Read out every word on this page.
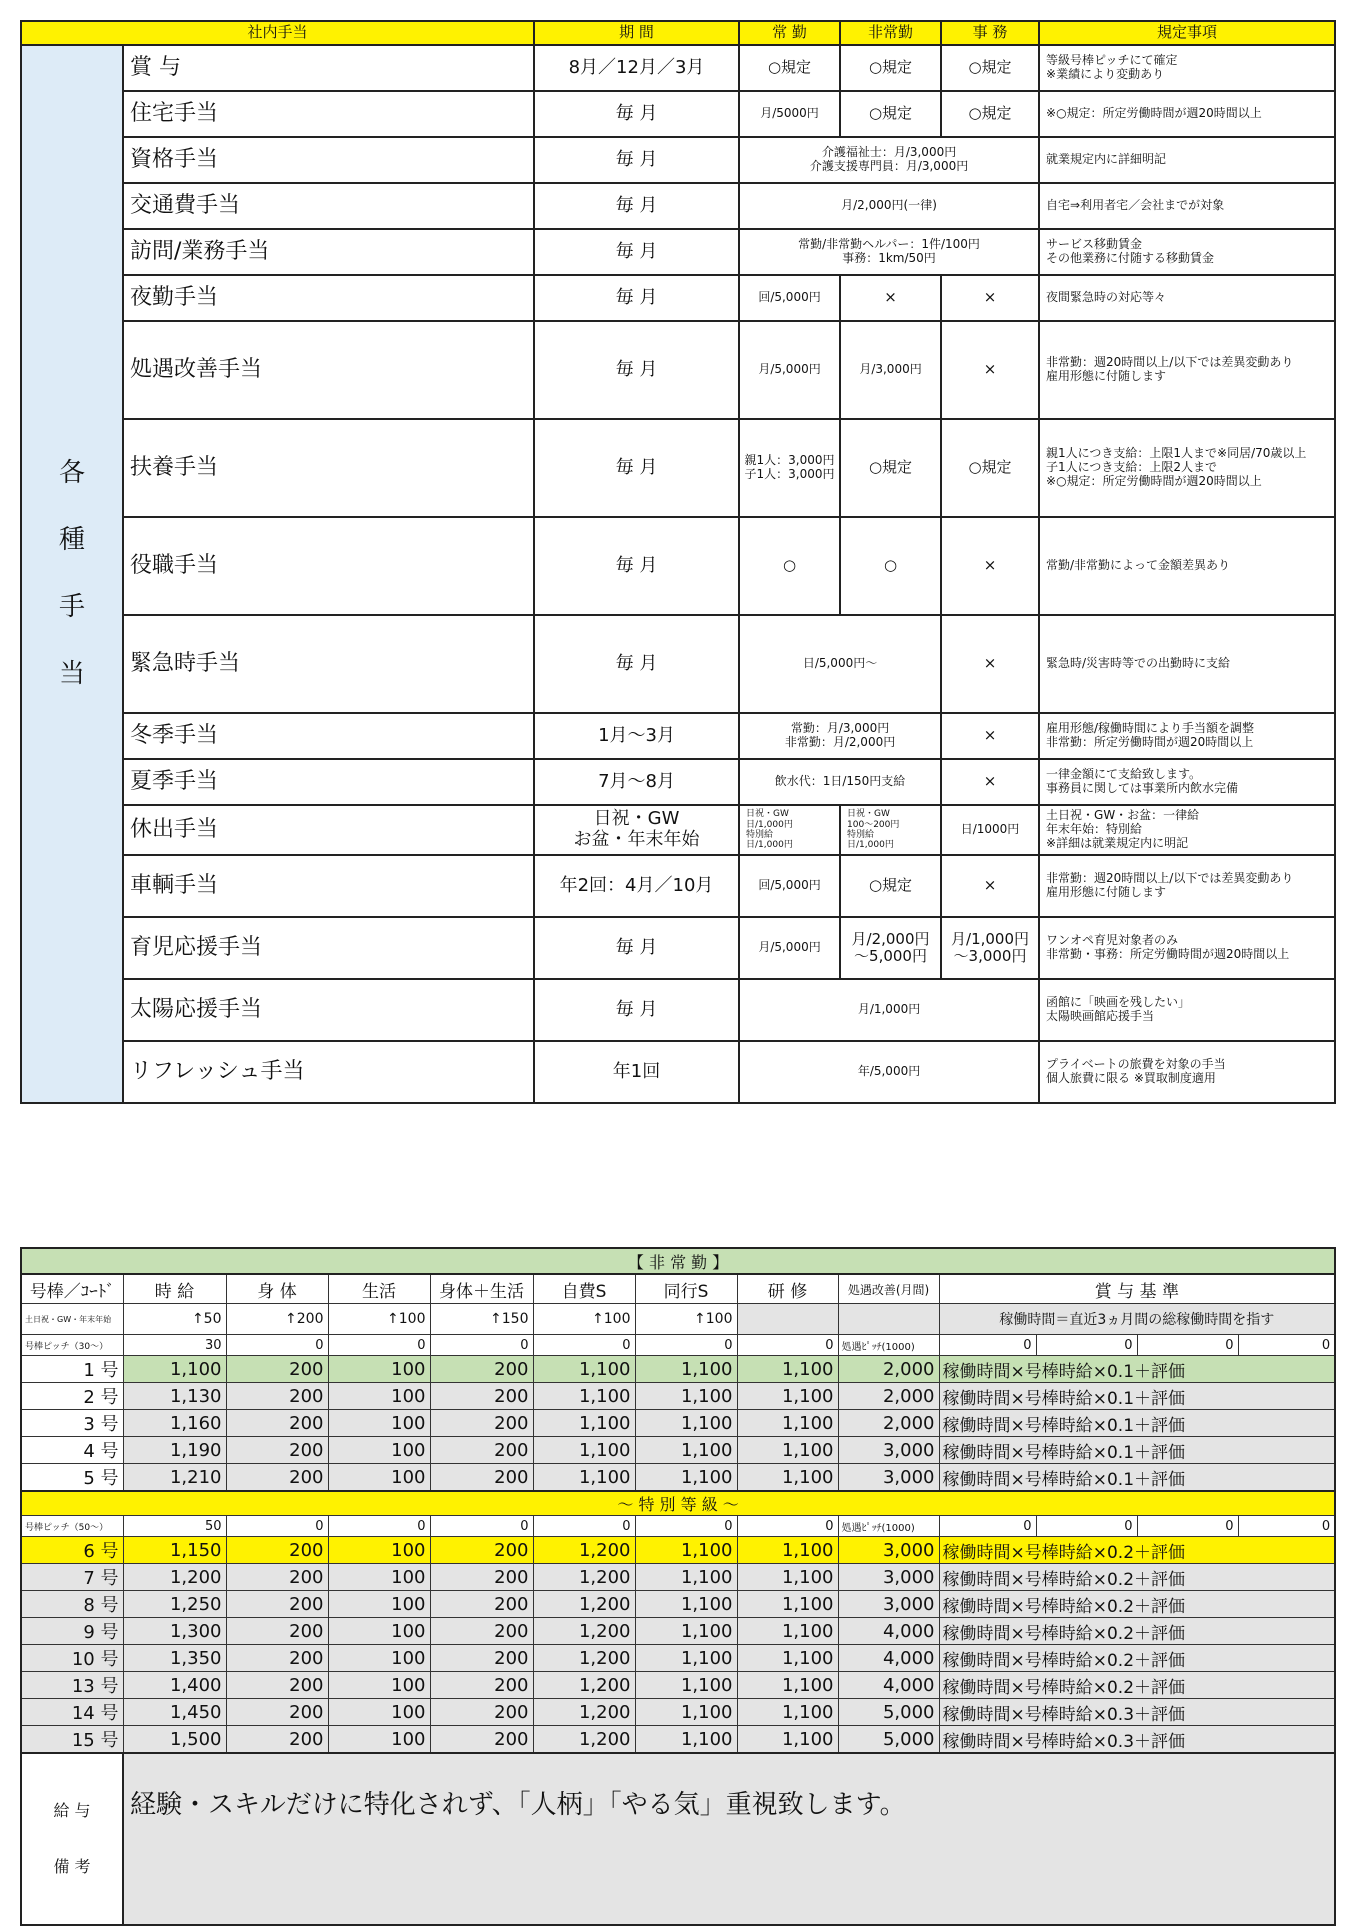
社内手当		期 間	常 勤	非常勤	事 務	規定事項

各
種
手
当	賞 与	8月／12月／3月	○規定	○規定	○規定	等級号棒ピッチにて確定
※業績により変動あり

	住宅手当	毎 月	月/5000円	○規定	○規定	※○規定：所定労働時間が週20時間以上

	資格手当	毎 月	介護福祉士：月/3,000円
介護支援専門員：月/3,000円			就業規定内に詳細明記

	交通費手当	毎 月	月/2,000円(一律)			自宅⇒利用者宅／会社までが対象

	訪問/業務手当	毎 月	常勤/非常勤ヘルパー：1件/100円
事務：1km/50円			サービス移動賃金
その他業務に付随する移動賃金

	夜勤手当	毎 月	回/5,000円	×	×	夜間緊急時の対応等々

	処遇改善手当	毎 月	月/5,000円	月/3,000円	×	非常勤：週20時間以上/以下では差異変動あり
雇用形態に付随します

	扶養手当	毎 月	親1人：3,000円
子1人：3,000円	○規定	○規定	親1人につき支給：上限1人まで※同居/70歳以上
子1人につき支給：上限2人まで
※○規定：所定労働時間が週20時間以上

	役職手当	毎 月	○	○	×	常勤/非常勤によって金額差異あり

	緊急時手当	毎 月	日/5,000円～		×	緊急時/災害時等での出勤時に支給

	冬季手当	1月～3月	常勤：月/3,000円
非常勤：月/2,000円		×	雇用形態/稼働時間により手当額を調整
非常勤：所定労働時間が週20時間以上

	夏季手当	7月～8月	飲水代：1日/150円支給		×	一律金額にて支給致します。
事務員に関しては事業所内飲水完備

	休出手当	日祝・GW
お盆・年末年始	日祝・GW
日/1,000円
特別給
日/1,000円	日祝・GW
100～200円
特別給
日/1,000円	日/1000円	土日祝・GW・お盆：一律給
年末年始：特別給
※詳細は就業規定内に明記

	車輌手当	年2回：4月／10月	回/5,000円	○規定	×	非常勤：週20時間以上/以下では差異変動あり
雇用形態に付随します

	育児応援手当	毎 月	月/5,000円	月/2,000円
～5,000円	月/1,000円
～3,000円	ワンオペ育児対象者のみ
非常勤・事務：所定労働時間が週20時間以上

	太陽応援手当	毎 月	月/1,000円			函館に「映画を残したい」
太陽映画館応援手当

	リフレッシュ手当	年1回	年/5,000円			プライベートの旅費を対象の手当
個人旅費に限る ※買取制度適用
【 非 常 勤 】												
号棒／ｺｰﾄﾞ	時 給	身 体	生活	身体＋生活	自費S	同行S	研 修	処遇改善(月間)	賞 与 基 準			
土日祝・GW・年末年始	↑50	↑200	↑100	↑150	↑100	↑100			稼働時間＝直近3ヵ月間の総稼働時間を指す			
号棒ピッチ（30～）	30	0	0	0	0	0	0	処遇ﾋﾟｯﾁ(1000)	0	0	0	0
1 号	1,100	200	100	200	1,100	1,100	1,100	2,000	稼働時間×号棒時給×0.1＋評価			
2 号	1,130	200	100	200	1,100	1,100	1,100	2,000	稼働時間×号棒時給×0.1＋評価			
3 号	1,160	200	100	200	1,100	1,100	1,100	2,000	稼働時間×号棒時給×0.1＋評価			
4 号	1,190	200	100	200	1,100	1,100	1,100	3,000	稼働時間×号棒時給×0.1＋評価			
5 号	1,210	200	100	200	1,100	1,100	1,100	3,000	稼働時間×号棒時給×0.1＋評価			
～ 特 別 等 級 ～												
号棒ピッチ（50～）	50	0	0	0	0	0	0	処遇ﾋﾟｯﾁ(1000)	0	0	0	0
6 号	1,150	200	100	200	1,200	1,100	1,100	3,000	稼働時間×号棒時給×0.2＋評価			
7 号	1,200	200	100	200	1,200	1,100	1,100	3,000	稼働時間×号棒時給×0.2＋評価			
8 号	1,250	200	100	200	1,200	1,100	1,100	3,000	稼働時間×号棒時給×0.2＋評価			
9 号	1,300	200	100	200	1,200	1,100	1,100	4,000	稼働時間×号棒時給×0.2＋評価			
10 号	1,350	200	100	200	1,200	1,100	1,100	4,000	稼働時間×号棒時給×0.2＋評価			
13 号	1,400	200	100	200	1,200	1,100	1,100	4,000	稼働時間×号棒時給×0.2＋評価			
14 号	1,450	200	100	200	1,200	1,100	1,100	5,000	稼働時間×号棒時給×0.3＋評価			
15 号	1,500	200	100	200	1,200	1,100	1,100	5,000	稼働時間×号棒時給×0.3＋評価			

給 与
備 考	経験・スキルだけに特化されず、「人柄」「やる気」重視致します。											
